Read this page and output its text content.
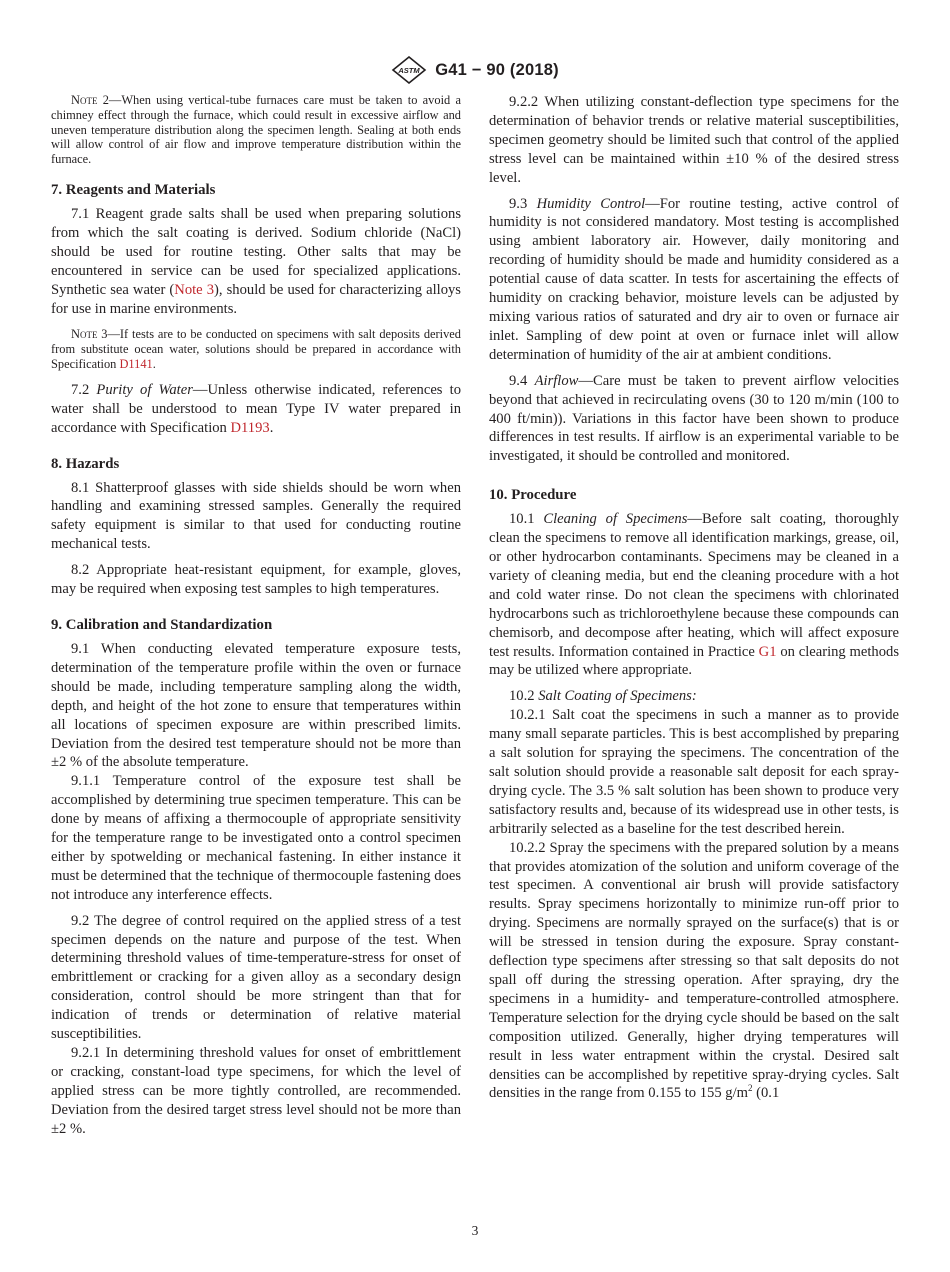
ASTM G41 − 90 (2018)

Note 2—When using vertical-tube furnaces care must be taken to avoid a chimney effect through the furnace, which could result in excessive airflow and uneven temperature distribution along the specimen length. Sealing at both ends will allow control of air flow and improve temperature distribution within the furnace.

7. Reagents and Materials

7.1 Reagent grade salts shall be used when preparing solutions from which the salt coating is derived. Sodium chloride (NaCl) should be used for routine testing. Other salts that may be encountered in service can be used for specialized applications. Synthetic sea water (Note 3), should be used for characterizing alloys for use in marine environments.

Note 3—If tests are to be conducted on specimens with salt deposits derived from substitute ocean water, solutions should be prepared in accordance with Specification D1141.

7.2 Purity of Water—Unless otherwise indicated, references to water shall be understood to mean Type IV water prepared in accordance with Specification D1193.

8. Hazards

8.1 Shatterproof glasses with side shields should be worn when handling and examining stressed samples. Generally the required safety equipment is similar to that used for conducting routine mechanical tests.

8.2 Appropriate heat-resistant equipment, for example, gloves, may be required when exposing test samples to high temperatures.

9. Calibration and Standardization

9.1 When conducting elevated temperature exposure tests, determination of the temperature profile within the oven or furnace should be made, including temperature sampling along the width, depth, and height of the hot zone to ensure that temperatures within all locations of specimen exposure are within prescribed limits. Deviation from the desired test temperature should not be more than ±2 % of the absolute temperature.

9.1.1 Temperature control of the exposure test shall be accomplished by determining true specimen temperature. This can be done by means of affixing a thermocouple of appropriate sensitivity for the temperature range to be investigated onto a control specimen either by spotwelding or mechanical fastening. In either instance it must be determined that the technique of thermocouple fastening does not introduce any interference effects.

9.2 The degree of control required on the applied stress of a test specimen depends on the nature and purpose of the test. When determining threshold values of time-temperature-stress for onset of embrittlement or cracking for a given alloy as a secondary design consideration, control should be more stringent than that for indication of trends or determination of relative material susceptibilities.

9.2.1 In determining threshold values for onset of embrittlement or cracking, constant-load type specimens, for which the level of applied stress can be more tightly controlled, are recommended. Deviation from the desired target stress level should not be more than ±2 %.

9.2.2 When utilizing constant-deflection type specimens for the determination of behavior trends or relative material susceptibilities, specimen geometry should be limited such that control of the applied stress level can be maintained within ±10 % of the desired stress level.

9.3 Humidity Control—For routine testing, active control of humidity is not considered mandatory. Most testing is accomplished using ambient laboratory air. However, daily monitoring and recording of humidity should be made and humidity considered as a potential cause of data scatter. In tests for ascertaining the effects of humidity on cracking behavior, moisture levels can be adjusted by mixing various ratios of saturated and dry air to oven or furnace air inlet. Sampling of dew point at oven or furnace inlet will allow determination of humidity of the air at ambient conditions.

9.4 Airflow—Care must be taken to prevent airflow velocities beyond that achieved in recirculating ovens (30 to 120 m/min (100 to 400 ft/min)). Variations in this factor have been shown to produce differences in test results. If airflow is an experimental variable to be investigated, it should be controlled and monitored.

10. Procedure

10.1 Cleaning of Specimens—Before salt coating, thoroughly clean the specimens to remove all identification markings, grease, oil, or other hydrocarbon contaminants. Specimens may be cleaned in a variety of cleaning media, but end the cleaning procedure with a hot and cold water rinse. Do not clean the specimens with chlorinated hydrocarbons such as trichloroethylene because these compounds can chemisorb, and decompose after heating, which will affect exposure test results. Information contained in Practice G1 on clearing methods may be utilized where appropriate.

10.2 Salt Coating of Specimens:

10.2.1 Salt coat the specimens in such a manner as to provide many small separate particles. This is best accomplished by preparing a salt solution for spraying the specimens. The concentration of the salt solution should provide a reasonable salt deposit for each spray-drying cycle. The 3.5 % salt solution has been shown to produce very satisfactory results and, because of its widespread use in other tests, is arbitrarily selected as a baseline for the test described herein.

10.2.2 Spray the specimens with the prepared solution by a means that provides atomization of the solution and uniform coverage of the test specimen. A conventional air brush will provide satisfactory results. Spray specimens horizontally to minimize run-off prior to drying. Specimens are normally sprayed on the surface(s) that is or will be stressed in tension during the exposure. Spray constant-deflection type specimens after stressing so that salt deposits do not spall off during the stressing operation. After spraying, dry the specimens in a humidity- and temperature-controlled atmosphere. Temperature selection for the drying cycle should be based on the salt composition utilized. Generally, higher drying temperatures will result in less water entrapment within the crystal. Desired salt densities can be accomplished by repetitive spray-drying cycles. Salt densities in the range from 0.155 to 155 $g/m^2$ (0.1

3
